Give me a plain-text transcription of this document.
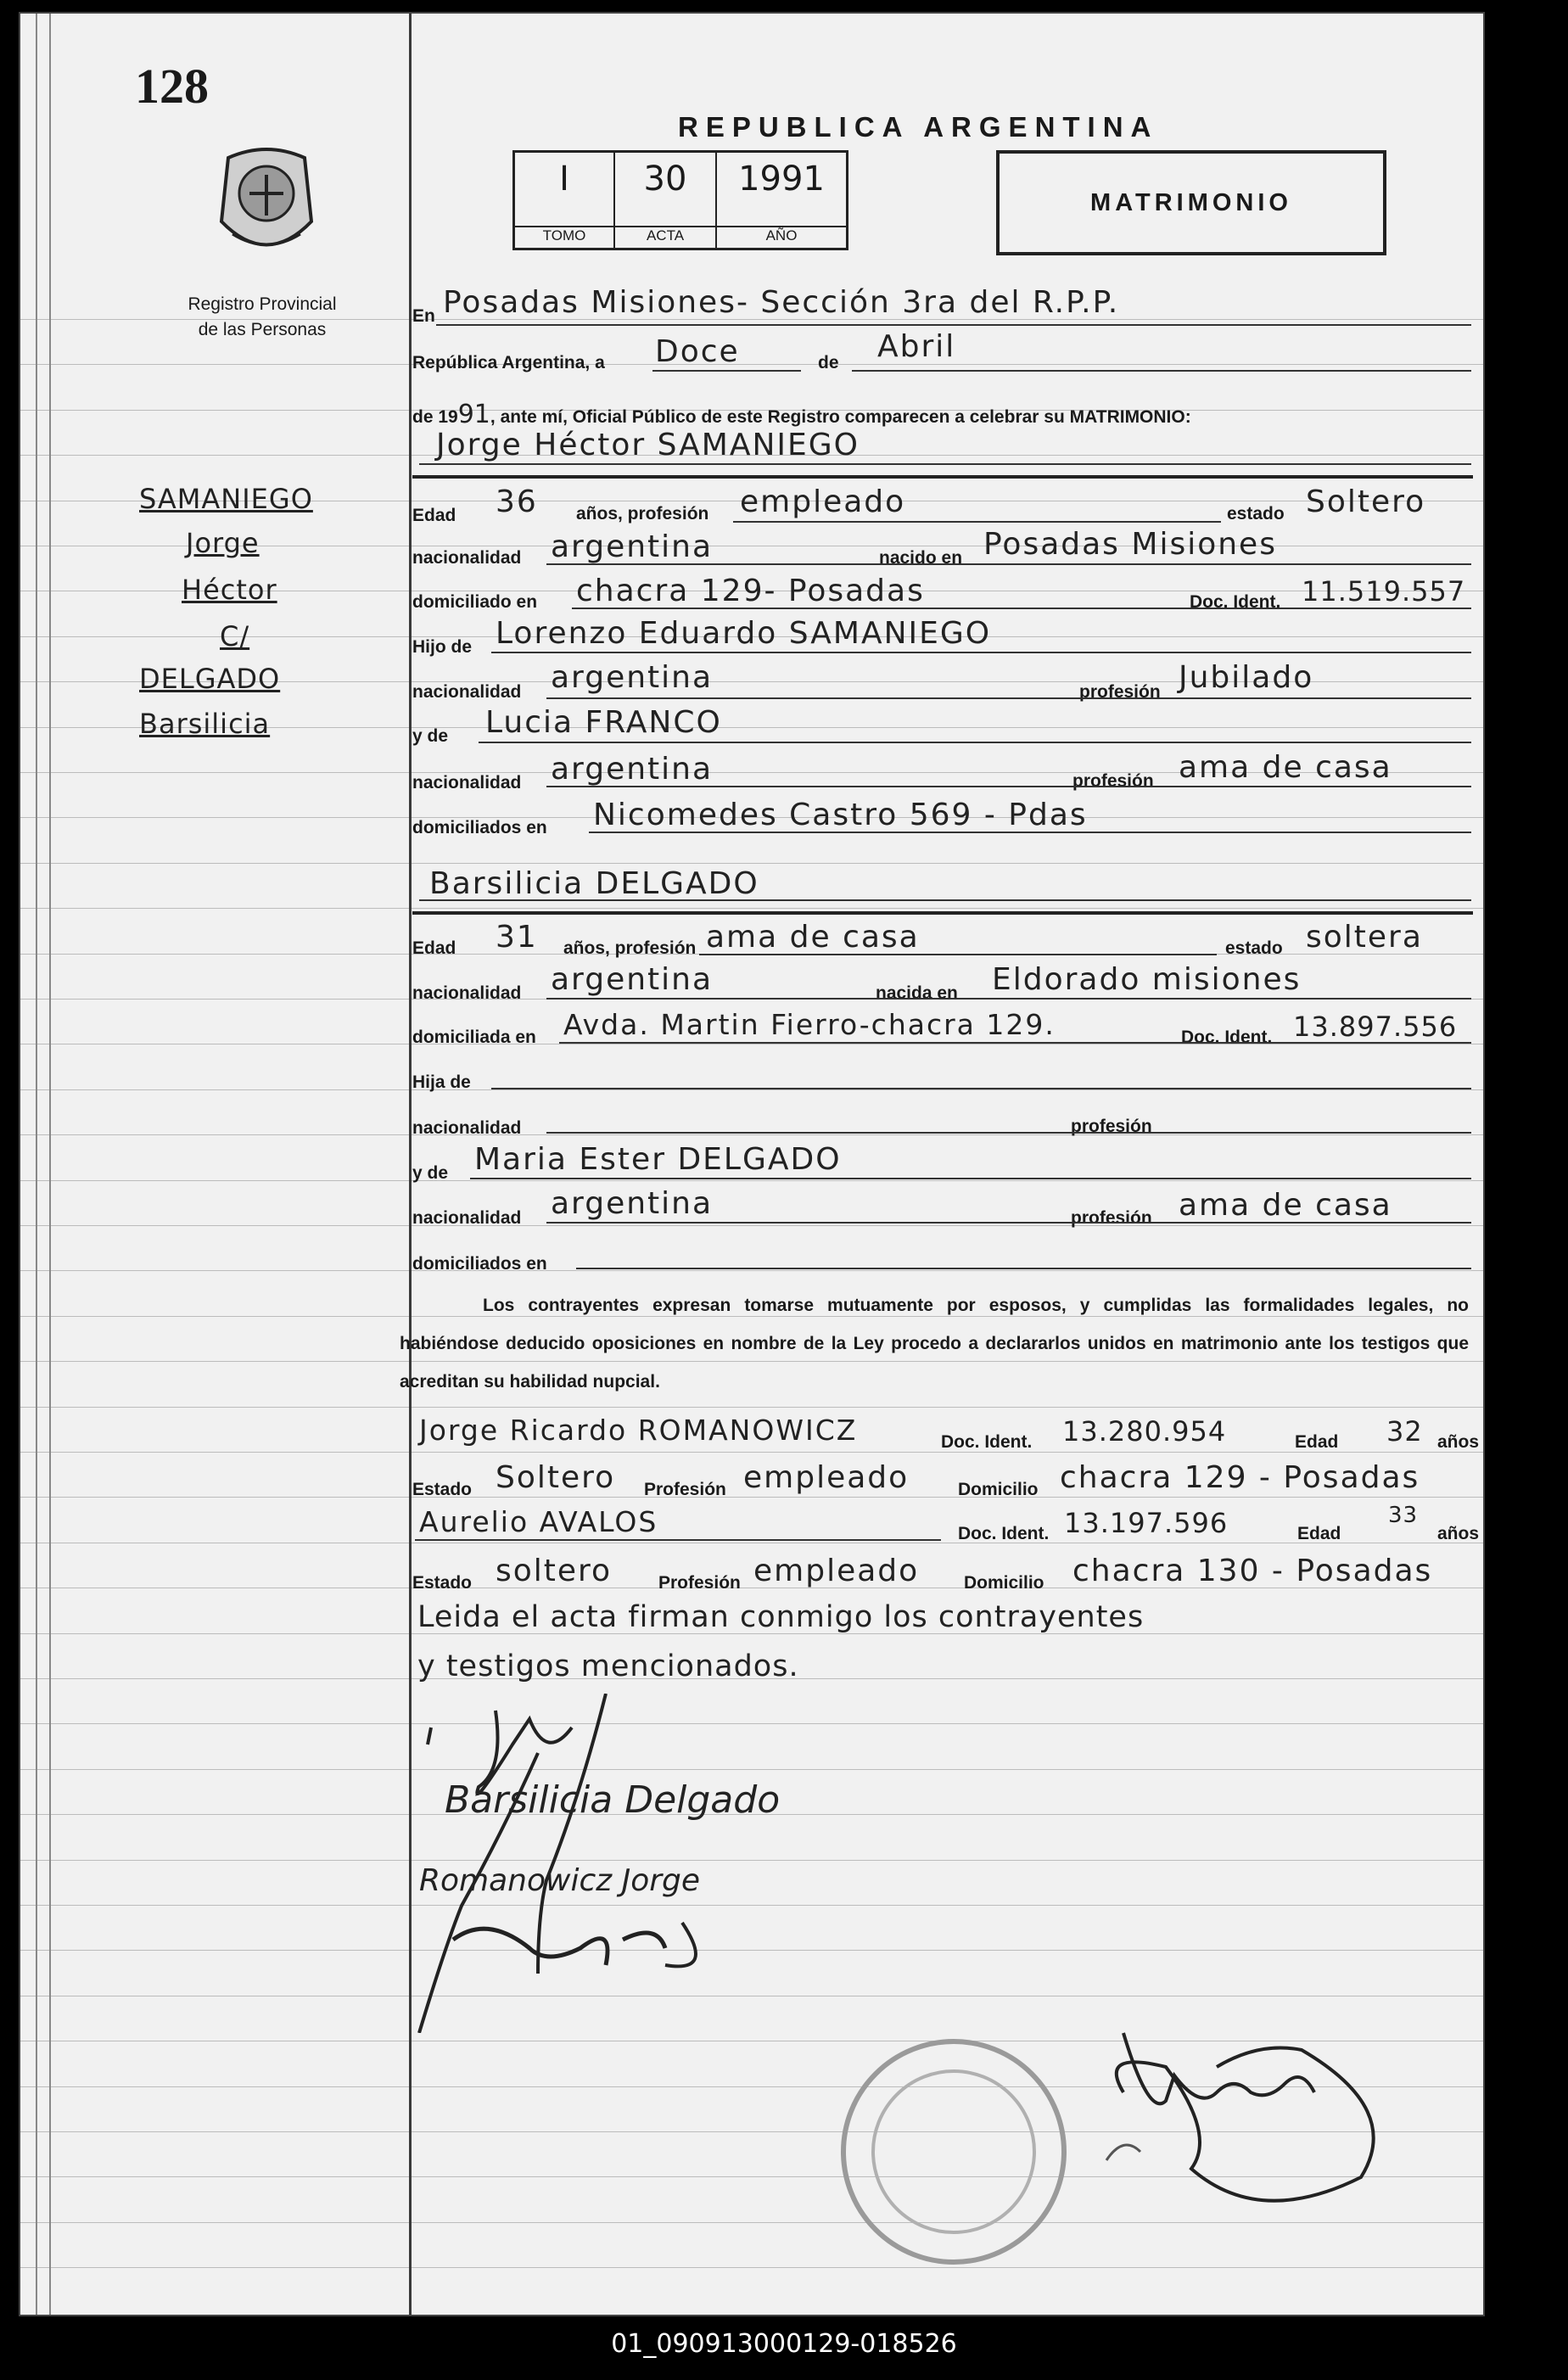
128
Registro Provincial
de las Personas
SAMANIEGO
Jorge
Héctor
C/
DELGADO
Barsilicia
REPUBLICA ARGENTINA
I
TOMO
30
ACTA
1991
AÑO
MATRIMONIO
En Posadas Misiones- Sección 3ra del R.P.P.
República Argentina, a Doce	de Abril
de 1991, ante mí, Oficial Público de este Registro comparecen a celebrar su MATRIMONIO:
Jorge Héctor SAMANIEGO
Edad 36 años, profesión empleado	estado Soltero
nacionalidad argentina	nacido en Posadas Misiones
domiciliado en chacra 129- Posadas	Doc. Ident. 11.519.557
Hijo de Lorenzo Eduardo SAMANIEGO
nacionalidad argentina	profesión Jubilado
y de Lucia FRANCO
nacionalidad argentina	profesión ama de casa
domiciliados en Nicomedes Castro 569 - Pdas
Barsilicia DELGADO
Edad 31 años, profesión ama de casa	estado soltera
nacionalidad argentina	nacida en Eldorado misiones
domiciliada en Avda. Martin Fierro-chacra 129.	Doc. Ident. 13.897.556
Hija de
nacionalidad	profesión
y de Maria Ester DELGADO
nacionalidad argentina	profesión ama de casa
domiciliados en
Los contrayentes expresan tomarse mutuamente por esposos, y cumplidas las formalidades legales, no habiéndose deducido oposiciones en nombre de la Ley procedo a declararlos unidos en matrimonio ante los testigos que acreditan su habilidad nupcial.
Jorge Ricardo ROMANOWICZ	Doc. Ident. 13.280.954	Edad 32 años
Estado Soltero Profesión empleado	Domicilio chacra 129 - Posadas
Aurelio AVALOS	Doc. Ident. 13.197.596	Edad
33
años
Estado soltero	Profesión empleado	Domicilio chacra 130 - Posadas
Leida el acta firman conmigo los contrayentes
y testigos mencionados.
Barsilicia Delgado
Romanowicz Jorge
01_090913000129-018526
